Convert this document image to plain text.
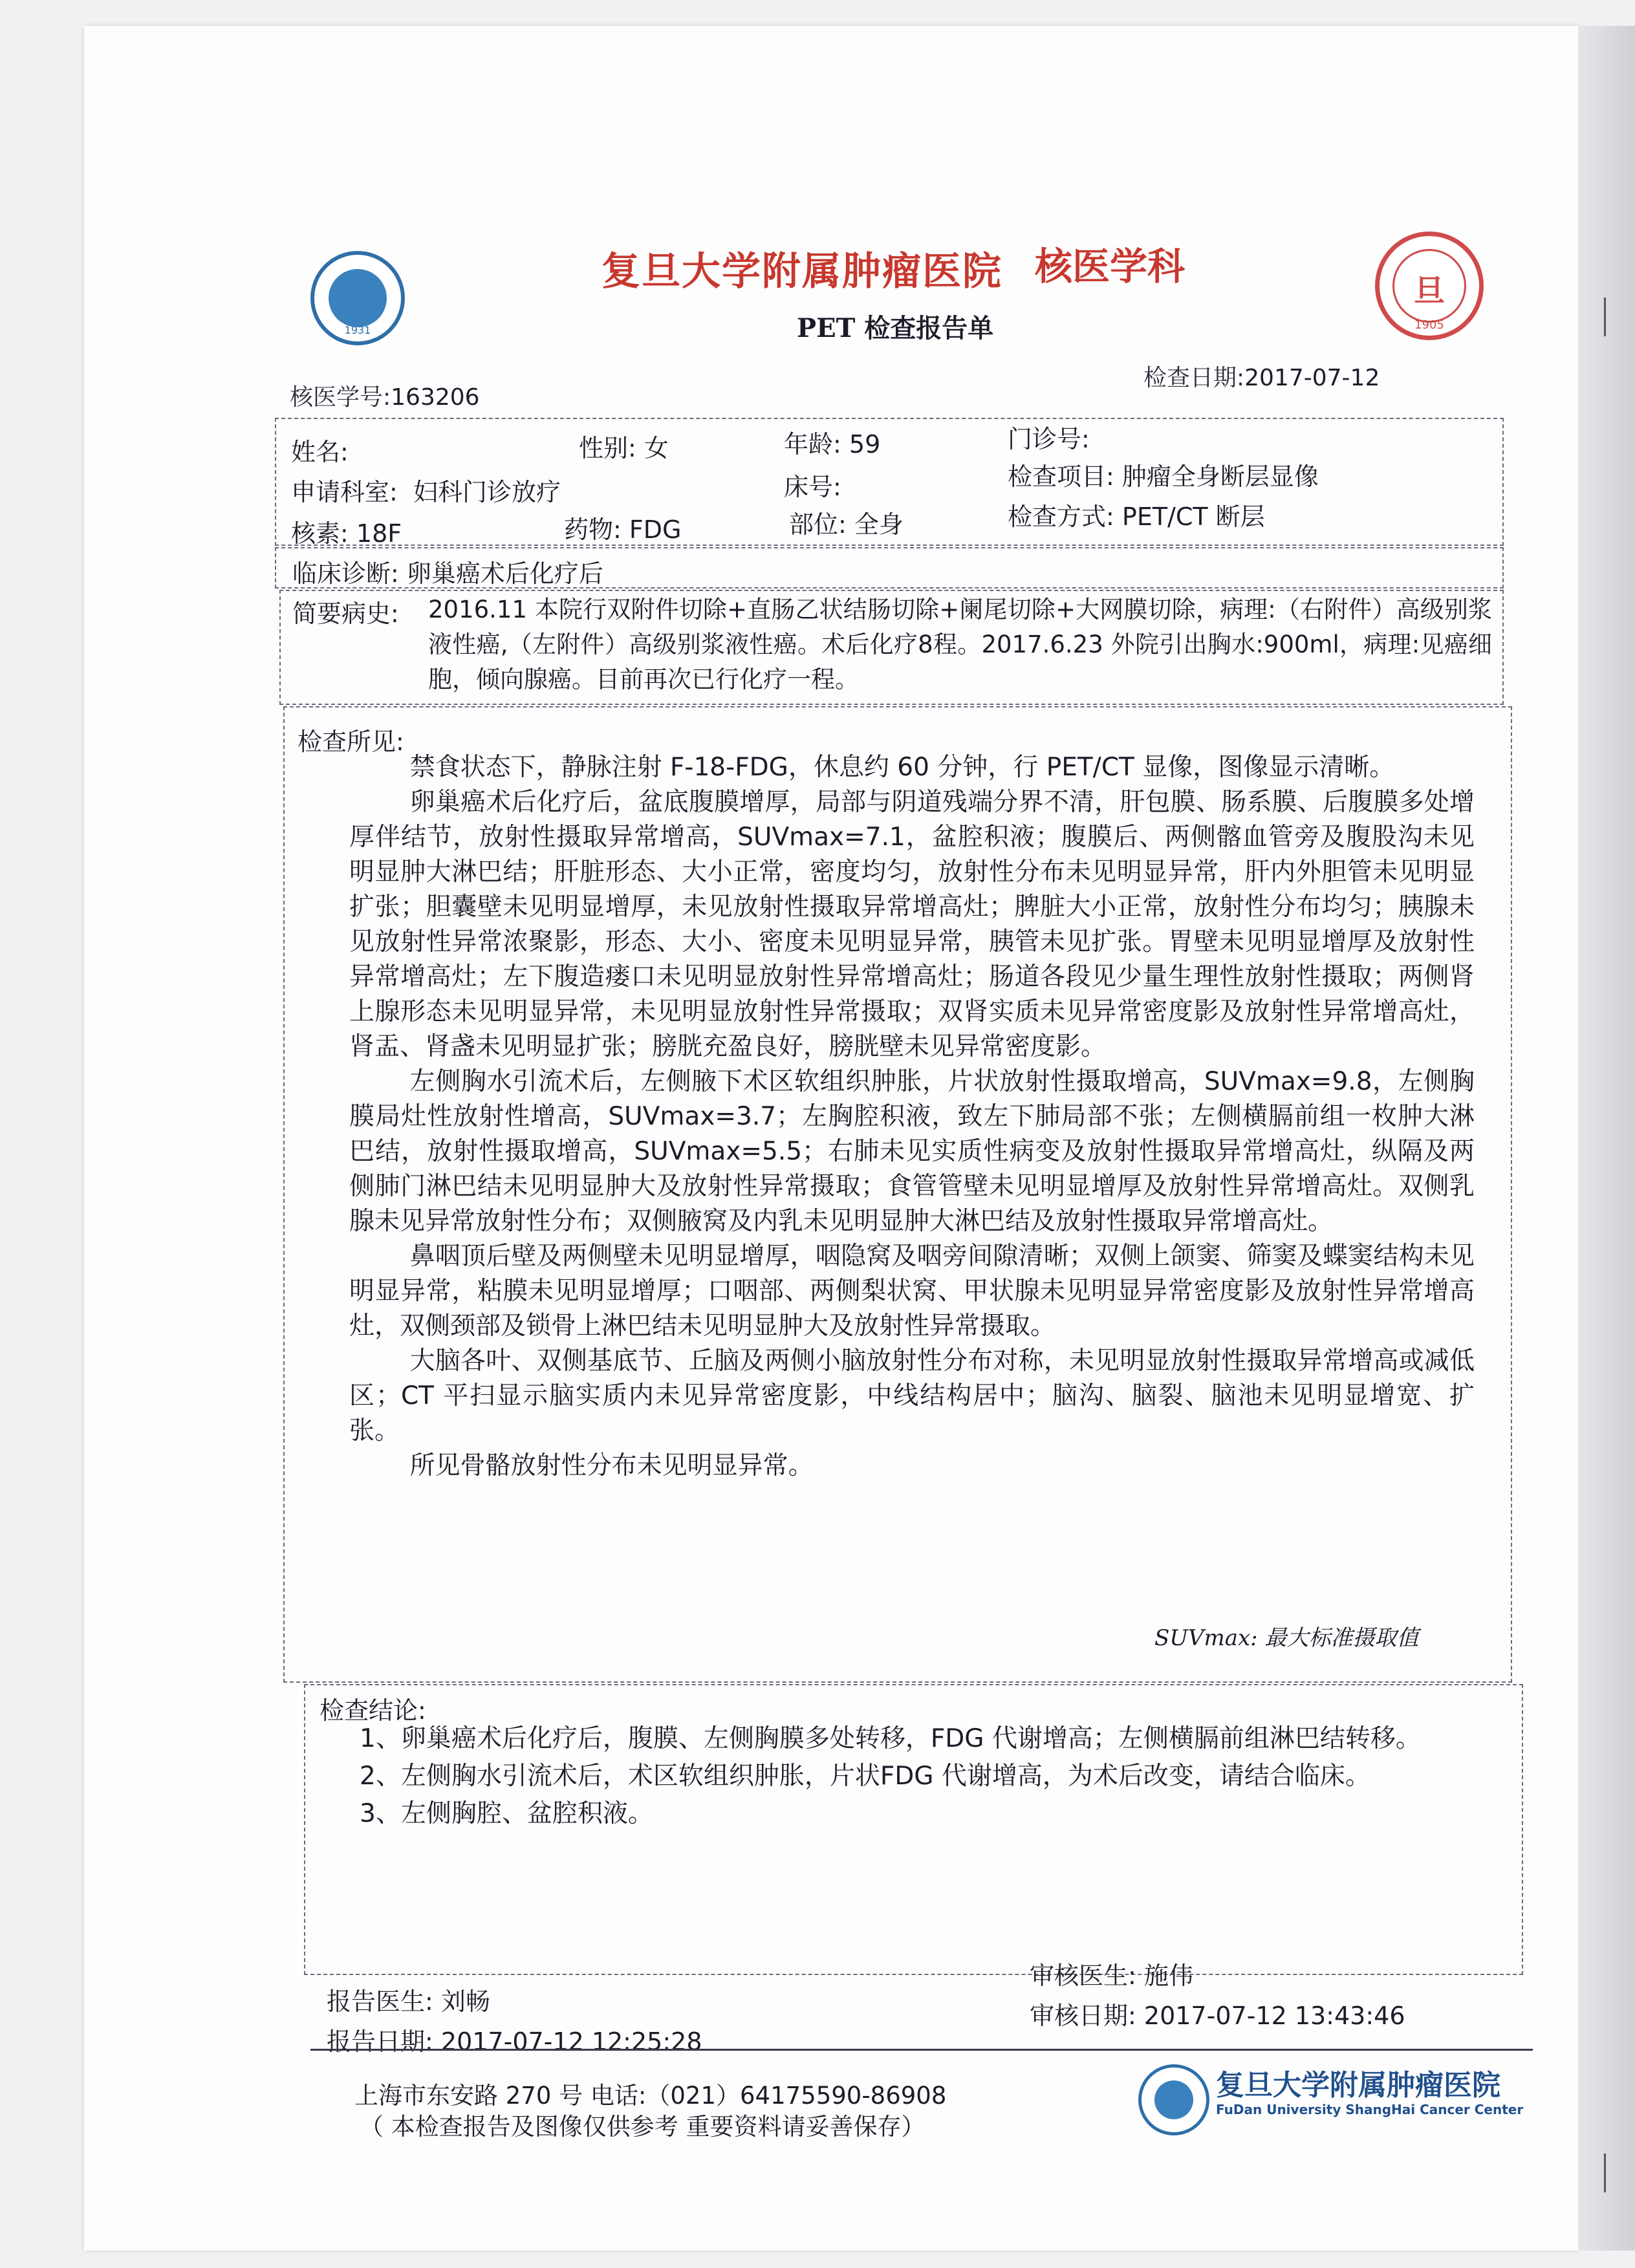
1931
复旦大学附属肿瘤医院 核医学科
旦
1905
PET 检查报告单
核医学号:163206
检查日期:2017-07-12
姓名:	性别: 女	年龄: 59	门诊号:
申请科室: 妇科门诊放疗	床号:	检查项目: 肿瘤全身断层显像
核素: 18F	药物: FDG	部位: 全身	检查方式: PET/CT 断层
临床诊断: 卵巢癌术后化疗后
简要病史: 2016.11 本院行双附件切除+直肠乙状结肠切除+阑尾切除+大网膜切除，病理:（右附件）高级别浆液性癌,（左附件）高级别浆液性癌。术后化疗8程。2017.6.23 外院引出胸水:900ml，病理:见癌细胞，倾向腺癌。目前再次已行化疗一程。
检查所见:

禁食状态下，静脉注射 F-18-FDG，休息约 60 分钟，行 PET/CT 显像，图像显示清晰。

卵巢癌术后化疗后，盆底腹膜增厚，局部与阴道残端分界不清，肝包膜、肠系膜、后腹膜多处增厚伴结节，放射性摄取异常增高，SUVmax=7.1，盆腔积液；腹膜后、两侧髂血管旁及腹股沟未见明显肿大淋巴结；肝脏形态、大小正常，密度均匀，放射性分布未见明显异常，肝内外胆管未见明显扩张；胆囊壁未见明显增厚，未见放射性摄取异常增高灶；脾脏大小正常，放射性分布均匀；胰腺未见放射性异常浓聚影，形态、大小、密度未见明显异常，胰管未见扩张。胃壁未见明显增厚及放射性异常增高灶；左下腹造瘘口未见明显放射性异常增高灶；肠道各段见少量生理性放射性摄取；两侧肾上腺形态未见明显异常，未见明显放射性异常摄取；双肾实质未见异常密度影及放射性异常增高灶，肾盂、肾盏未见明显扩张；膀胱充盈良好，膀胱壁未见异常密度影。

左侧胸水引流术后，左侧腋下术区软组织肿胀，片状放射性摄取增高，SUVmax=9.8，左侧胸膜局灶性放射性增高，SUVmax=3.7；左胸腔积液，致左下肺局部不张；左侧横膈前组一枚肿大淋巴结，放射性摄取增高，SUVmax=5.5；右肺未见实质性病变及放射性摄取异常增高灶，纵隔及两侧肺门淋巴结未见明显肿大及放射性异常摄取；食管管壁未见明显增厚及放射性异常增高灶。双侧乳腺未见异常放射性分布；双侧腋窝及内乳未见明显肿大淋巴结及放射性摄取异常增高灶。

鼻咽顶后壁及两侧壁未见明显增厚，咽隐窝及咽旁间隙清晰；双侧上颌窦、筛窦及蝶窦结构未见明显异常，粘膜未见明显增厚；口咽部、两侧梨状窝、甲状腺未见明显异常密度影及放射性异常增高灶，双侧颈部及锁骨上淋巴结未见明显肿大及放射性异常摄取。

大脑各叶、双侧基底节、丘脑及两侧小脑放射性分布对称，未见明显放射性摄取异常增高或减低区；CT 平扫显示脑实质内未见异常密度影，中线结构居中；脑沟、脑裂、脑池未见明显增宽、扩张。

所见骨骼放射性分布未见明显异常。

SUVmax: 最大标准摄取值
检查结论:
1、卵巢癌术后化疗后，腹膜、左侧胸膜多处转移，FDG 代谢增高；左侧横膈前组淋巴结转移。
2、左侧胸水引流术后，术区软组织肿胀，片状FDG 代谢增高，为术后改变，请结合临床。
3、左侧胸腔、盆腔积液。
报告医生: 刘畅
报告日期: 2017-07-12 12:25:28
审核医生: 施伟
审核日期: 2017-07-12 13:43:46
上海市东安路 270 号 电话:（021）64175590-86908
（ 本检查报告及图像仅供参考 重要资料请妥善保存）
复旦大学附属肿瘤医院
FuDan University ShangHai Cancer Center
